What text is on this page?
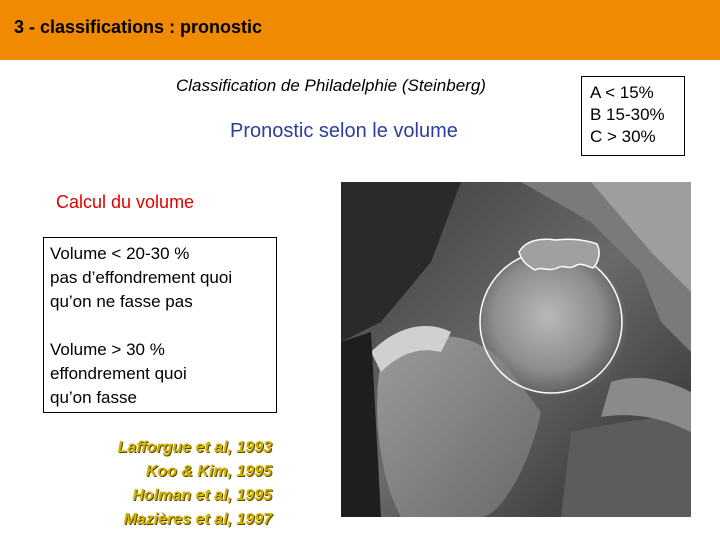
3 - classifications : pronostic
Classification de Philadelphie (Steinberg)	A < 15%
B 15-30%
C > 30%
Pronostic selon le volume
Calcul du volume
Volume < 20-30 %
pas d’effondrement quoi
qu’on ne fasse pas
Volume > 30 %
effondrement quoi
qu’on fasse
Lafforgue et al, 1993
Koo & Kim, 1995
Holman et al, 1995
Mazières et al, 1997
